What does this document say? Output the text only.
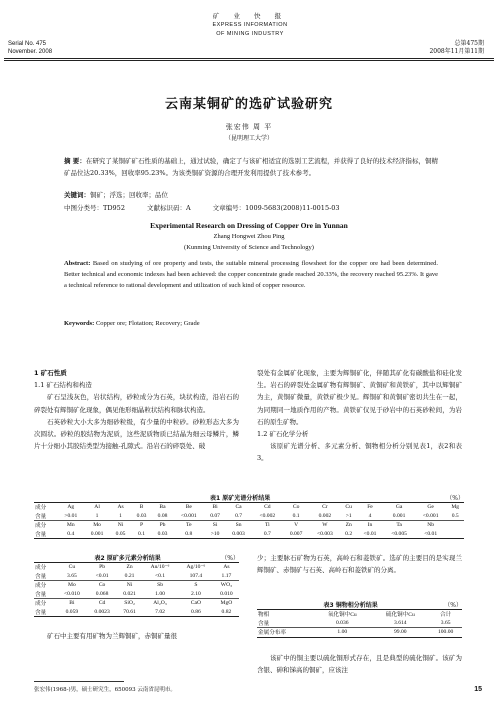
Serial No. 475
November. 2008
矿 业 快 报
EXPRESS INFORMATION
OF MINING INDUSTRY
总第475期
2008年11月第11期
云南某铜矿的选矿试验研究
张宏伟 周 平
（昆明理工大学）
摘 要：在研究了某铜矿矿石性质的基础上，通过试验，确定了与该矿相适宜的选别工艺流程，并获得了良好的技术经济指标，铜精矿品位达20.33%，回收率95.23%。为该类铜矿资源的合理开发利用提供了技术参考。
关键词：铜矿；浮选；回收率；品位
中图分类号：TD952	文献标识码：A	文章编号：1009-5683(2008)11-0015-03
Experimental Research on Dressing of Copper Ore in Yunnan
Zhang Hongwei Zhou Ping
(Kunming University of Science and Technology)
Abstract: Based on studying of ore property and tests, the suitable mineral processing flowsheet for the copper ore had been determined. Better technical and economic indexes had been achieved: the copper concentrate grade reached 20.33%, the recovery reached 95.23%. It gave a technical reference to rational development and utilization of such kind of copper resource.
Keywords: Copper ore; Flotation; Recovery; Grade

1 矿石性质

1.1 矿石结构和构造

矿石呈浅灰色，岩状结构，砂粒成分为石英，块状构造，沿岩石的碎裂处有辉铜矿化现象，偶见他形细晶粒状结构和脉状构造。

石英砂粒大小大多为细砂粒级，有少量的中粒砂。砂粒形态大多为次圆状。砂粒的胶结物为泥质，这些泥质物质已结晶为细云母鳞片，鳞片十分细小其胶结类型为接触-孔隙式。沿岩石的碎裂处、破

裂处有金属矿化现象，主要为辉铜矿化，伴随其矿化有碳酸盐和硅化发生。岩石的碎裂处金属矿物有辉铜矿、黄铜矿和黄铁矿，其中以辉铜矿为主，黄铜矿微量，黄铁矿极少见。辉铜矿和黄铜矿密切共生在一起，为同期同一地质作用的产物。黄铁矿仅见于砂岩中的石英砂粒间，为岩石的原生矿物。

1.2 矿石化学分析

该原矿光谱分析、多元素分析、铜物相分析分别见表1，表2和表3。

表1 原矿光谱分析结果	（%）
成分	Ag	Al	As	B	Ba	Be	Bi	Ca	Cd	Co	Cr	Cu	Fe	Ga	Ge	Mg
含量	>0.01	1	1	0.03	0.08	<0.001	0.07	0.7	<0.002	0.1	0.002	>1	4	0.001	<0.001	0.5
成分	Mn	Mo	Ni	P	Pb	Te	Si	Sn	Ti	V	W	Zn	In	Ta	Nb	
含量	0.4	0.001	0.05	0.1	0.03	0.8	>10	0.003	0.7	0.007	<0.003	0.2	<0.01	<0.005	<0.01	
表2 原矿多元素分析结果	（%）
成分	Cu	Pb	Zn	Au/10⁻⁶	Ag/10⁻⁶	As
含量	3.65	<0.01	0.21	<0.1	107.4	1.17
成分	Mo	Co	Ni	Sb	S	WO₃
含量	<0.010	0.068	0.021	1.00	2.10	0.010
成分	Bi	Cd	SiO₂	Al₂O₃	CaO	MgO
含量	0.059	0.0023	70.61	7.02	0.86	0.82

矿石中主要有用矿物为兰辉铜矿，赤铜矿量很

少；主要脉石矿物为石英，高岭石和菱铁矿。选矿的主要目的是实现兰辉铜矿、赤铜矿与石英、高岭石和菱铁矿的分离。

表3 铜物相分析结果	（%）
物相	氧化铜中Cu	硫化铜中Cu	合计
含量	0.036	3.614	3.65
金属分布率	1.00	99.00	100.00

该矿中的铜主要以硫化铜形式存在，且是典型的硫化铜矿。该矿为含银、砷和锑高的铜矿，应该注

张宏伟(1968-)男，硕士研究生，650093 云南省昆明市。	15
